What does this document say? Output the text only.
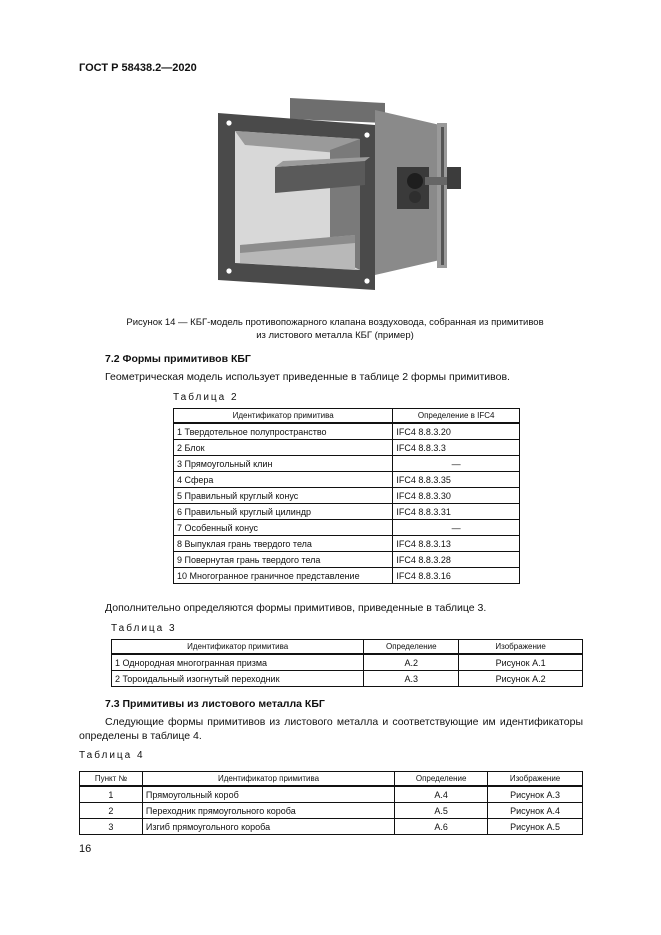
ГОСТ Р 58438.2—2020
Рисунок 14 — КБГ-модель противопожарного клапана воздуховода, собранная из примитивов
из листового металла КБГ (пример)
7.2 Формы примитивов КБГ
Геометрическая модель использует приведенные в таблице 2 формы примитивов.
Таблица 2
Идентификатор примитива	Определение в IFC4
1 Твердотельное полупространство	IFC4 8.8.3.20
2 Блок	IFC4 8.8.3.3
3 Прямоугольный клин	—
4 Сфера	IFC4 8.8.3.35
5 Правильный круглый конус	IFC4 8.8.3.30
6 Правильный круглый цилиндр	IFC4 8.8.3.31
7 Особенный конус	—
8 Выпуклая грань твердого тела	IFC4 8.8.3.13
9 Повернутая грань твердого тела	IFC4 8.8.3.28
10 Многогранное граничное представление	IFC4 8.8.3.16
Дополнительно определяются формы примитивов, приведенные в таблице 3.
Таблица 3
Идентификатор примитива	Определение	Изображение
1 Однородная многогранная призма	А.2	Рисунок А.1
2 Тороидальный изогнутый переходник	А.3	Рисунок А.2
7.3 Примитивы из листового металла КБГ
Следующие формы примитивов из листового металла и соответствующие им идентификаторы определены в таблице 4.
Таблица 4
Пункт №	Идентификатор примитива	Определение	Изображение
1	Прямоугольный короб	А.4	Рисунок А.3
2	Переходник прямоугольного короба	А.5	Рисунок А.4
3	Изгиб прямоугольного короба	А.6	Рисунок А.5
16
